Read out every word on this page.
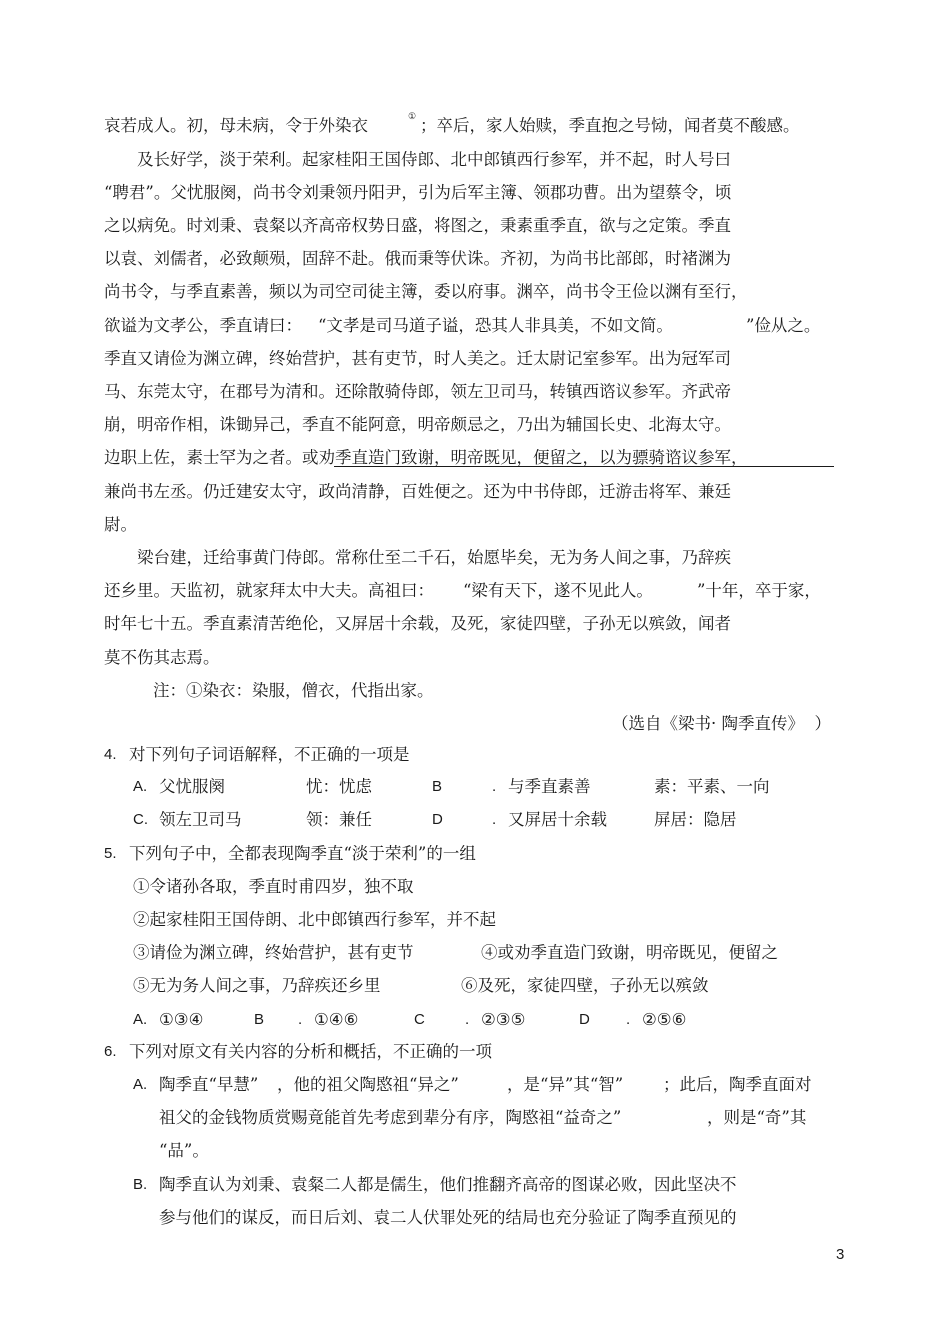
哀若成人。初，母未病，令于外染衣	① ；卒后，家人始赎，季直抱之号恸，闻者莫不酸感。
及长好学，淡于荣利。起家桂阳王国侍郎、北中郎镇西行参军，并不起，时人号曰
“聘君”。父忧服阕，尚书令刘秉领丹阳尹，引为后军主簿、领郡功曹。出为望蔡令，顷
之以病免。时刘秉、袁粲以齐高帝权势日盛，将图之，秉素重季直，欲与之定策。季直
以袁、刘儒者，必致颠殒，固辞不赴。俄而秉等伏诛。齐初，为尚书比部郎，时褚渊为
尚书令，与季直素善，频以为司空司徒主簿，委以府事。渊卒，尚书令王俭以渊有至行，
欲谥为文孝公，季直请曰： “文孝是司马道子谥，恐其人非具美，不如文简。	”俭从之。
季直又请俭为渊立碑，终始营护，甚有吏节，时人美之。迁太尉记室参军。出为冠军司
马、东莞太守，在郡号为清和。还除散骑侍郎，领左卫司马，转镇西谘议参军。齐武帝
崩，明帝作相，诛锄异己，季直不能阿意，明帝颇忌之，乃出为辅国长史、北海太守。
边职上佐，素士罕为之者。或劝季直造门致谢，明帝既见，便留之，以为骠骑谘议参军，
兼尚书左丞。仍迁建安太守，政尚清静，百姓便之。还为中书侍郎，迁游击将军、兼廷
尉。
梁台建，迁给事黄门侍郎。常称仕至二千石，始愿毕矣，无为务人间之事，乃辞疾
还乡里。天监初，就家拜太中大夫。高祖曰： “梁有天下，遂不见此人。	”十年，卒于家，
时年七十五。季直素清苦绝伦，又屏居十余载，及死，家徒四壁，子孙无以殡敛，闻者
莫不伤其志焉。
注：①染衣：染服，僧衣，代指出家。
（选自《梁书· 陶季直传》  ）
4. 对下列句子词语解释，不正确的一项是
A. 父忧服阕	忧：忧虑	B	. 与季直素善	素：平素、一向
C. 领左卫司马	领：兼任	D	. 又屏居十余载	屏居：隐居
5. 下列句子中，全都表现陶季直“淡于荣利”的一组
①令诸孙各取，季直时甫四岁，独不取
②起家桂阳王国侍朗、北中郎镇西行参军，并不起
③请俭为渊立碑，终始营护，甚有吏节	④或劝季直造门致谢，明帝既见，便留之
⑤无为务人间之事，乃辞疾还乡里	⑥及死，家徒四壁，子孙无以殡敛
A. ①③④	B . ①④⑥	C	. ②③⑤	D . ②⑤⑥
6. 下列对原文有关内容的分析和概括，不正确的一项
A. 陶季直“早慧” ，他的祖父陶愍祖“异之”	，是“异”其“智” ；此后，陶季直面对
祖父的金钱物质赏赐竟能首先考虑到辈分有序，陶愍祖“益奇之”	，则是“奇”其
“品”。
B. 陶季直认为刘秉、袁粲二人都是儒生，他们推翻齐高帝的图谋必败，因此坚决不
参与他们的谋反，而日后刘、袁二人伏罪处死的结局也充分验证了陶季直预见的
3
